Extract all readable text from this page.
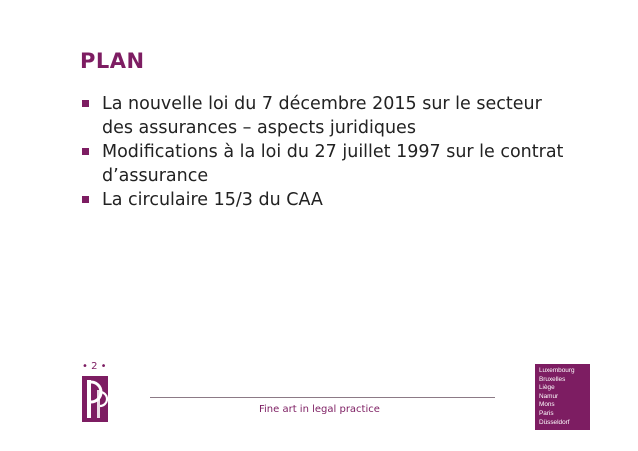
PLAN
La nouvelle loi du 7 décembre 2015 sur le secteur des assurances – aspects juridiques
Modifications à la loi du 27 juillet 1997 sur le contrat d’assurance
La circulaire 15/3 du CAA
• 2 •
Fine art in legal practice
Luxembourg
Bruxelles
Liège
Namur
Mons
Paris
Düsseldorf
